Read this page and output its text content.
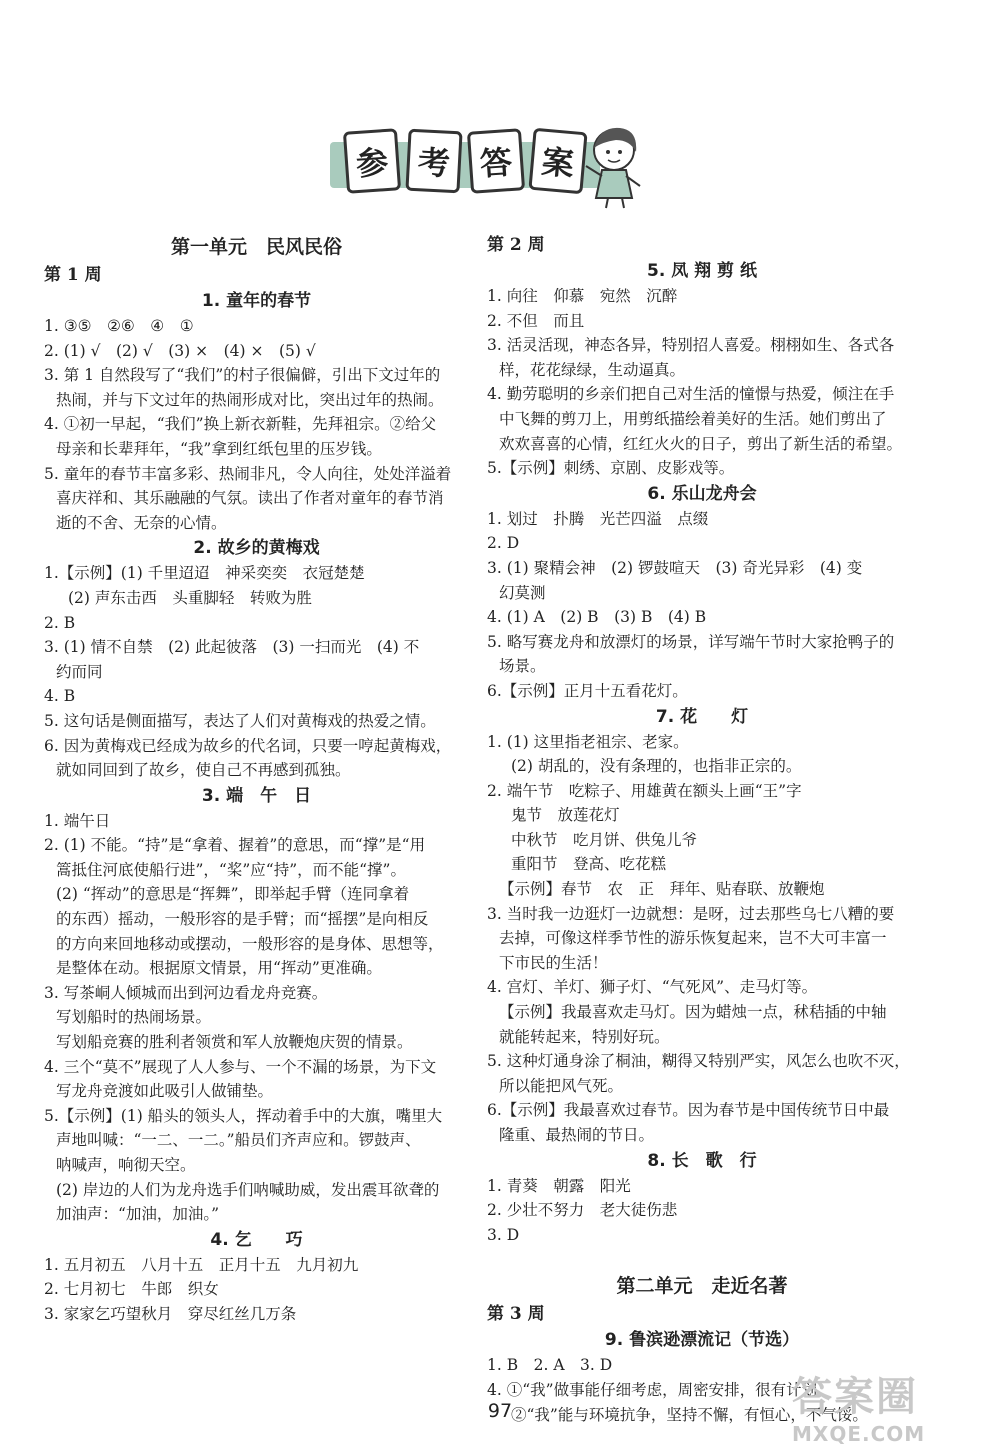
参 考 答 案
第一单元　民风民俗
第 1 周
1. 童年的春节
1. ③⑤　②⑥　④　①
2. (1) √　(2) √　(3) ×　(4) ×　(5) √
3. 第 1 自然段写了“我们”的村子很偏僻，引出下文过年的
热闹，并与下文过年的热闹形成对比，突出过年的热闹。
4. ①初一早起，“我们”换上新衣新鞋，先拜祖宗。②给父
母亲和长辈拜年，“我”拿到红纸包里的压岁钱。
5. 童年的春节丰富多彩、热闹非凡，令人向往，处处洋溢着
喜庆祥和、其乐融融的气氛。读出了作者对童年的春节消
逝的不舍、无奈的心情。
2. 故乡的黄梅戏
1.【示例】(1) 千里迢迢　神采奕奕　衣冠楚楚
(2) 声东击西　头重脚轻　转败为胜
2. B
3. (1) 情不自禁　(2) 此起彼落　(3) 一扫而光　(4) 不
约而同
4. B
5. 这句话是侧面描写，表达了人们对黄梅戏的热爱之情。
6. 因为黄梅戏已经成为故乡的代名词，只要一哼起黄梅戏，
就如同回到了故乡，使自己不再感到孤独。
3. 端　午　日
1. 端午日
2. (1) 不能。“持”是“拿着、握着”的意思，而“撑”是“用
篙抵住河底使船行进”，“桨”应“持”，而不能“撑”。
(2) “挥动”的意思是“挥舞”，即举起手臂（连同拿着
的东西）摇动，一般形容的是手臂；而“摇摆”是向相反
的方向来回地移动或摆动，一般形容的是身体、思想等，
是整体在动。根据原文情景，用“挥动”更准确。
3. 写茶峒人倾城而出到河边看龙舟竞赛。
写划船时的热闹场景。
写划船竞赛的胜利者领赏和军人放鞭炮庆贺的情景。
4. 三个“莫不”展现了人人参与、一个不漏的场景，为下文
写龙舟竞渡如此吸引人做铺垫。
5.【示例】(1) 船头的领头人，挥动着手中的大旗，嘴里大
声地叫喊：“一二、一二。”船员们齐声应和。锣鼓声、
呐喊声，响彻天空。
(2) 岸边的人们为龙舟选手们呐喊助威，发出震耳欲聋的
加油声：“加油，加油。”
4. 乞　　巧
1. 五月初五　八月十五　正月十五　九月初九
2. 七月初七　牛郎　织女
3. 家家乞巧望秋月　穿尽红丝几万条
第 2 周
5. 凤 翔 剪 纸
1. 向往　仰慕　宛然　沉醉
2. 不但　而且
3. 活灵活现，神态各异，特别招人喜爱。栩栩如生、各式各
样，花花绿绿，生动逼真。
4. 勤劳聪明的乡亲们把自己对生活的憧憬与热爱，倾注在手
中飞舞的剪刀上，用剪纸描绘着美好的生活。她们剪出了
欢欢喜喜的心情，红红火火的日子，剪出了新生活的希望。
5.【示例】刺绣、京剧、皮影戏等。
6. 乐山龙舟会
1. 划过　扑腾　光芒四溢　点缀
2. D
3. (1) 聚精会神　(2) 锣鼓喧天　(3) 奇光异彩　(4) 变
幻莫测
4. (1) A　(2) B　(3) B　(4) B
5. 略写赛龙舟和放漂灯的场景，详写端午节时大家抢鸭子的
场景。
6.【示例】正月十五看花灯。
7. 花　　灯
1. (1) 这里指老祖宗、老家。
(2) 胡乱的，没有条理的，也指非正宗的。
2. 端午节　吃粽子、用雄黄在额头上画“王”字
鬼节　放莲花灯
中秋节　吃月饼、供兔儿爷
重阳节　登高、吃花糕
【示例】春节　农　正　拜年、贴春联、放鞭炮
3. 当时我一边逛灯一边就想：是呀，过去那些乌七八糟的要
去掉，可像这样季节性的游乐恢复起来，岂不大可丰富一
下市民的生活！
4. 宫灯、羊灯、狮子灯、“气死风”、走马灯等。
【示例】我最喜欢走马灯。因为蜡烛一点，秫秸插的中轴
就能转起来，特别好玩。
5. 这种灯通身涂了桐油，糊得又特别严实，风怎么也吹不灭，
所以能把风气死。
6.【示例】我最喜欢过春节。因为春节是中国传统节日中最
隆重、最热闹的节日。
8. 长　歌　行
1. 青葵　朝露　阳光
2. 少壮不努力　老大徒伤悲
3. D
第二单元　走近名著
第 3 周
9. 鲁滨逊漂流记（节选）
1. B　2. A　3. D
4. ①“我”做事能仔细考虑，周密安排，很有计划。
②“我”能与环境抗争，坚持不懈，有恒心，不气馁。
97	答案圈
MXQE.COM
